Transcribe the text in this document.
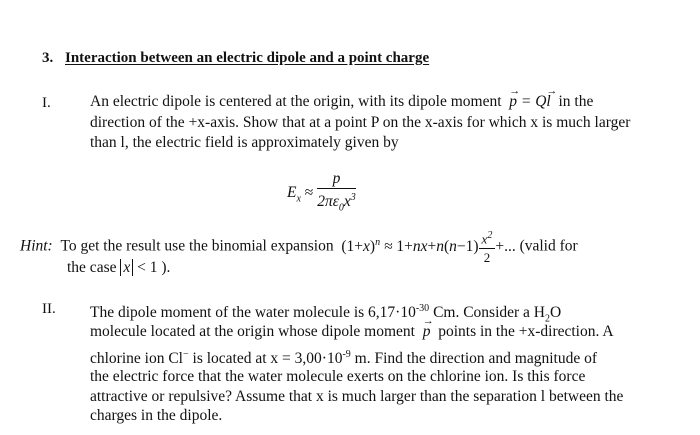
3. Interaction between an electric dipole and a point charge
I.	An electric dipole is centered at the origin, with its dipole moment → p = Q→ l in the
direction of the +x-axis. Show that at a point P on the x-axis for which x is much larger
than l, the electric field is approximately given by
$E_x \approx \frac{p}{2\pi\varepsilon_0x^3}$
Hint: To get the result use the binomial expansion $(1+x)^n \approx 1+nx+n(n-1) \frac{x^2}{2}$ +... (valid for
the case x < 1 ).
II. The dipole moment of the water molecule is $6,17\cdot 10^{-30}$ Cm. Consider a $H_2O$
molecule located at the origin whose dipole moment → p points in the +x-direction. A
chlorine ion Cl− is located at $x = 3,00\cdot 10^{-9}$ m. Find the direction and magnitude of
the electric force that the water molecule exerts on the chlorine ion. Is this force
attractive or repulsive? Assume that x is much larger than the separation l between the
charges in the dipole.
